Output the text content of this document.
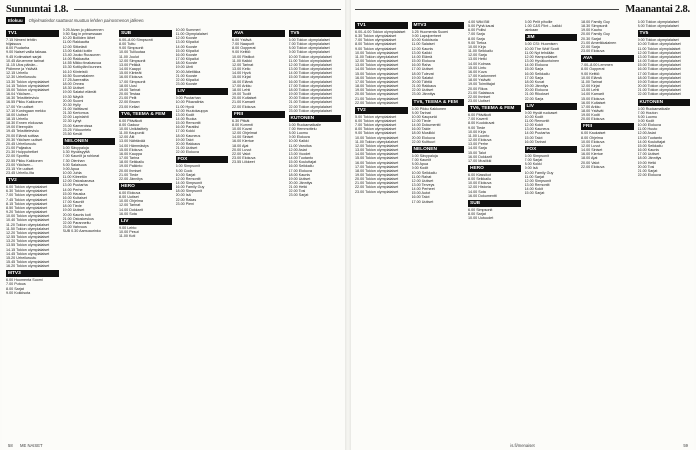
Sunnuntai 1.8.
Elokuu	Ohjelmatiedot saattavat muuttua lehden painosmenon jälkeen.
TV1
7.15 Nimeni tehtiin
hiljaisuus
8.00 Puutarha
9.00 Naiset vailla taksaa.
9.45 Kotimaiset sarjat
10.45 Airuemme tarinat
11.15 Ulos päivän...
Pidimme ja Ystäviä
12.15 Urheilu
12.30 Urheiluruutu
13.30 Tokion olympialaiset
14.15 Tokion olympialaiset
15.00 Tokion olympialaiset
16.04 Ykkösen...
16.30 Tekstitelevisio
16.55 Pikku Kakkonen
17.00 Yle uutiset
17.10 Kuningaan mekko
18.00 Uutiset
18.15 Urheilu
18.30 Ennen elokuvaa
19.00 Eteenpäin
19.45 Tekstitelevisio
20.00 Elämä soittaa
20.30 Ykkösen uutiset
20.45 Urheiluruutu
21.00 Paljastus
21.30 Huippuhetket
22.00 Sporttia
22.55 Pikku Kakkonen
23.00 Ykkösen...
23.15 Yle uutiset
23.45 Urheilu-ilta
TV2
6.00 Tokion olympialaiset
6.30 Tokion olympialaiset
7.00 Tokion olympialaiset
7.45 Tokion olympialaiset
8.15 Tokion olympialaiset
8.50 Tokion olympialaiset
9.20 Tokion olympialaiset
10.00 Tokion olympialaiset
10.40 Tokion olympialaiset
11.20 Tokion olympialaiset
11.50 Tokion olympialaiset
12.20 Tokion olympialaiset
12.55 Tokion olympialaiset
13.20 Tokion olympialaiset
13.55 Tokion olympialaiset
14.15 Tokion olympialaiset
14.45 Tokion olympialaiset
15.20 Urheiluruutu
15.45 Tokion olympialaiset
16.20 Tokion olympialaiset
MTV3
6.00 Huomenta Suomi
7.00 Putous
8.00 Sarjat
9.00 Kokkisota
9.25 Aivan jo pikkuennen
9.50 Sag in prinsessaan
10.20 Bolliden lähet
11.00 Rakkautta
12.00 Sitkeästi
13.00 Kaikki kotiin
13.40 Jouko Ruusunen
14.00 Rakkautta
14.55 Mikko tinakasvua
15.30 Kotikyläni kunnes
16.10 Kiinteistö
16.50 Suomalainen
17.25 Aarreaitta
18.00 Onnea
18.30 Uutiset
19.00 Salatut elämät
19.30 Näytöt
20.00 Suomi
20.30 Hylly
21.00 Valittavat
21.30 Kertomus
22.00 Lapinlahti
22.30 Lyhyt
23.00 Kameroissa
23.25 Yökuuntelu
23.50 Kevät
NELONEN
6.00 Sävypaloja
6.30 Hyväisyyttä
7.00 Kauniit ja rohkeat
7.30 Olenhan
8.00 Salaisuus
9.00 Apua
10.00 Juhla
11.00 Kiireetön
12.00 Ostoskanava
13.00 Puutarha
14.00 Perhe
15.00 Hauska
16.00 Kultaiset
17.00 Kauniit
18.00 Tiede
19.00 Uutiset
20.00 Kaunis koti
21.00 Ostoskeskus
22.00 Paranneltu
23.00 Vahvuus
SUB 0.30 Aamuaurinko
SUB
6.00–8.00 Simpsonit
8.00 Tuttu
9.00 Simpsonit
10.00 Tuliluutaa
11.00 Joulut
12.00 Simpsonit
13.00 Pelkkä
14.00 Kaappi
15.00 Kiinteät
16.00 Elokuva
17.00 Simpsonit
18.00 Uusi
19.00 Tarinat
20.00 Testaa
21.00 Pelit
22.00 Brown
23.00 Kellari
TV6, TEEMA & FEM
6.00 Päiväkoti
8.00 Gaduur
10.00 Unikäsittely
11.00 Kaupunki
12.00 Äiti
13.00 Nähtävää
14.00 Hämmästys
15.00 Elokuva
16.00 Kauppa
17.00 Tarina
18.00 Seikkailu
19.00 Palkinto
20.00 Ihmiset
21.00 Tiede
22.00 Jännitys
HERO
6.00 Elokuva
8.00 Uutiset
10.00 Ohjelma
12.00 Tarinat
14.00 Dokkarit
16.00 Sota
LIV
9.00 Lehto
10.00 Pesut
11.00 Koti
10.00 Summeri
11.00 Olympialaiset
12.00 Kooste
13.00 Kilpailut
14.00 Kooste
15.00 Kilpailut
16.00 Kooste
17.00 Kilpailut
18.00 Kooste
19.00 Uinti
20.00 Atletiikka
21.00 Kooste
22.00 Kilpailut
23.00 Kooste
LIV
9.00 Puutarhan
10.00 Pikavalinta
11.00 Hyvä
12.00 Huutokauppa
13.00 Kodit
14.00 Ruoka
15.00 Remontit
16.00 Paratiisi
17.00 Kokki
18.00 Kauneus
19.00 Talot
20.00 Rakkaus
21.00 Uutiset
22.00 Elokuva
FOX
6.00 Simpsonit
8.00 Cook
10.00 Sarjat
12.00 Remontit
14.00 Simpsonit
16.00 Family Guy
18.00 Simpsonit
20.00 Isä
22.00 Rakas
23.00 Pieni
AVA
6.00 Ystävä
7.00 Naapurit
8.00 Oopperat
9.00 Keittiö
10.00 Ristikot
11.00 Kaikki
12.00 Tarinat
13.00 Kello
14.00 Hyvä
15.00 Kirjat
16.00 Elämä
17.00 Arkku
18.00 Lehti
19.00 Tuolit
20.00 Kultaiset
21.00 Kamarit
22.00 Elokuva
FRII
6.30 Pitkät
8.00 Kummit
10.00 Kuvat
12.00 Ohjelmat
14.00 Siniset
16.00 Kiertue
18.00 Ajat
20.00 Luvut
22.00 Valot
23.00 Elokuva
23.55 Liikkeet
TV5
6.00 Tokion olympialaiset
7.00 Tokion olympialaiset
8.00 Tokion olympialaiset
9.00 Tokion olympialaiset
10.00 Tokion olympialaiset
11.00 Tokion olympialaiset
12.00 Tokion olympialaiset
13.00 Tokion olympialaiset
14.00 Tokion olympialaiset
15.00 Tokion olympialaiset
16.00 Tokion olympialaiset
17.00 Tokion olympialaiset
18.00 Tokion olympialaiset
19.00 Tokion olympialaiset
20.00 Tokion olympialaiset
21.00 Tokion olympialaiset
22.00 Tokion olympialaiset
23.00 Tokion olympialaiset
KUTONEN
6.00 Ruokamatkaile
7.00 Hemmottelu
8.00 Luomu
9.00 Elokuva
10.00 Kaikki
11.00 Varoitus
12.00 Asiat
13.00 Vuodet
14.00 Tuotanto
15.00 Kouluttajat
16.00 Seikkailu
17.00 Elokuva
18.00 Kaunis
19.00 Uutiset
20.00 Jännitys
21.00 Hetki
22.00 Tosi
23.00 Sarjat
58 ME NAISET
Maanantai 2.8.
TV1
6.00–6.00 Tokion olympialaiset
6.30 Tokion olympialaiset
7.00 Tokion olympialaiset
8.00 Tokion olympialaiset
9.00 Tokion olympialaiset
10.00 Tokion olympialaiset
11.00 Tokion olympialaiset
12.00 Tokion olympialaiset
13.00 Tokion olympialaiset
14.00 Tokion olympialaiset
15.00 Tokion olympialaiset
16.00 Tokion olympialaiset
17.00 Tokion olympialaiset
18.00 Tokion olympialaiset
19.00 Tokion olympialaiset
20.00 Tokion olympialaiset
21.00 Tokion olympialaiset
22.00 Tokion olympialaiset
TV2
5.00 Tokion olympialaiset
6.00 Tokion olympialaiset
7.00 Tokion olympialaiset
8.00 Tokion olympialaiset
9.00 Tokion olympialaiset
10.00 Tokion olympialaiset
11.00 Tokion olympialaiset
12.00 Tokion olympialaiset
13.00 Tokion olympialaiset
14.00 Tokion olympialaiset
15.00 Tokion olympialaiset
16.00 Tokion olympialaiset
17.00 Tokion olympialaiset
18.00 Tokion olympialaiset
19.00 Tokion olympialaiset
20.00 Tokion olympialaiset
21.00 Tokion olympialaiset
22.00 Tokion olympialaiset
23.00 Tokion olympialaiset
MTV3
6.25 Huomenta Suomi
9.00 Lapsiperheet
10.00 Kokkisota
11.00 Salaiset
12.00 Kaunis
13.00 Kaikki
14.00 Elämä
15.00 Elokuva
16.00 Raha
17.00 Uutiset
18.00 Tulevat
19.00 Salatut
20.00 Tähtiä
21.00 Rakkaus
22.00 Uutiset
23.00 Jännitys
TV6, TEEMA & FEM
6.00 Pikku Kakkonen
8.00 Tarinat
10.00 Kaupunki
12.00 Tiede
14.00 Dokumentti
16.00 Taide
18.00 Musiikki
20.00 Elokuva
22.00 Kulttuuri
NELONEN
6.00 Sävypaloja
7.00 Kauniit
8.00 Apua
9.00 Kodit
10.00 Seikkailu
11.00 Rahat
12.00 Uutiset
13.00 Terveys
14.00 Perheet
15.00 Autot
16.00 Talot
17.00 Uutiset
4.00 Wild Bill
5.00 Pyhä kausi
6.00 Poliisi
7.00 Sarja
8.00 Sarja
9.00 Tietoa
10.00 Kirja
11.00 Seikkailu
12.00 Sarja
13.00 Hetki
14.00 Kolmas
15.00 Lintu
16.00 Kuva
17.00 Kadonneet
18.00 Ystävät
19.00 Toimittajat
20.00 Rikos
21.00 Salaisuus
22.00 Ihmiset
23.00 Uutiset
TV6, TEEMA & FEM
6.00 Päiväkoti
7.00 Kaverit
8.00 Kuulokuvat
9.00 Tiede
10.00 Kirja
11.00 Luonto
12.00 Elokuva
13.00 Perhe
14.00 Sarja
15.00 Talot
16.00 Dokkarit
17.00 Musiikki
HERO
6.00 Klassikot
8.00 Seikkailu
10.00 Elokuva
12.00 Historia
14.00 Sota
16.00 Dokumentti
SUB
6.00 Simpsonit
8.00 Sarjat
10.00 Uutuudet
5.00 Pelit pihoille
1.00 C&S Flint – kaikki
lainkaan
JIM
5.00 CSI: Huomisen
10.00 The Wolf Scott
11.00 Nyt tehdään
12.00 Hampurilaiset
13.00 Hyväkuntoinen
14.00 Elokuva
15.00 Sarja
16.00 Seikkailu
17.00 Sarja
18.00 Kuvat
19.00 Jännitys
20.00 Elokuva
21.00 Rikokset
22.00 Sarja
LIV
9.00 Hyvät ruokaset
10.00 Kodit
11.00 Remontit
12.00 Kokit
13.00 Kauneus
14.00 Puutarha
15.00 Talot
16.00 Tarinat
FOX
6.00 Simpsonit
7.00 Sarjat
8.00 Kokki
9.00 Isä
10.00 Family Guy
11.00 Sarjat
12.00 Simpsonit
13.00 Remontit
14.00 Kokit
15.00 Sarjat
18.00 Family Guy
18.30 Simpsonit
19.00 Kauhu
20.00 Family Guy
20.30 Sarjat
21.00 Amerikkalainen
22.00 Sarja
23.00 Elokuva
AVA
7.00–8.00 Lemmen
8.00 Oopperat
9.00 Keittiö
10.00 Elämä
11.00 Tarinat
12.00 Kirjat
13.00 Lehti
14.00 Kamarit
15.00 Elokuva
16.00 Kultaiset
17.00 Arkku
18.00 Ystävät
19.00 Kodit
20.00 Elokuva
FRII
6.00 Kaukaiset
8.00 Ohjelma
10.00 Elokuva
12.00 Luvut
14.00 Siniset
16.00 Kiertue
18.00 Ajat
20.00 Valot
22.00 Elokuva
6.00 Tokion olympialaiset
8.00 Tokion olympialaiset
TV5
9.00 Tokion olympialaiset
10.00 Tokion olympialaiset
11.00 Tokion olympialaiset
12.00 Tokion olympialaiset
13.00 Tokion olympialaiset
14.00 Tokion olympialaiset
15.00 Tokion olympialaiset
16.00 Tokion olympialaiset
17.00 Tokion olympialaiset
18.00 Tokion olympialaiset
19.00 Tokion olympialaiset
20.00 Tokion olympialaiset
21.00 Tokion olympialaiset
22.00 Tokion olympialaiset
KUTONEN
6.00 Ruokamatkaile
7.00 Houton
8.00 Luomu
9.00 Kodit
10.00 Elokuva
11.00 Huuto
12.00 Asiat
13.00 Tuotanto
14.00 Kouluttajat
15.00 Seikkailu
16.00 Kaunis
17.00 Uutiset
18.00 Jännitys
19.00 Hetki
20.00 Tosi
21.00 Sarjat
22.00 Elokuva
is.fi/menaiset	59
